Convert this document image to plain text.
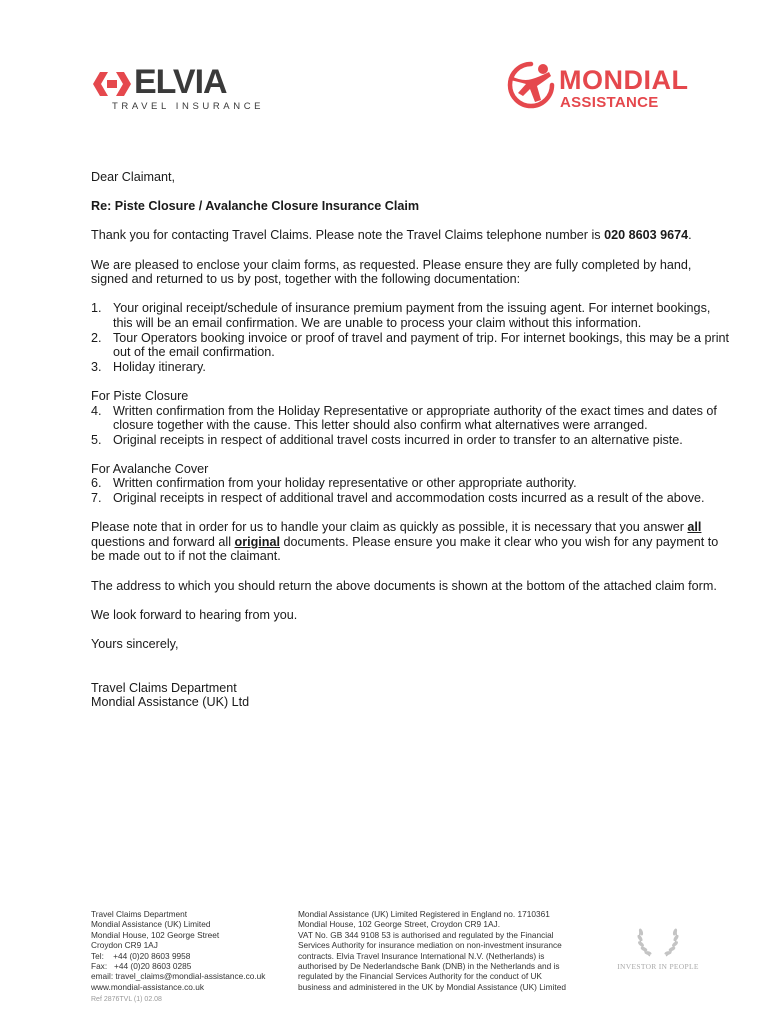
ELVIA
TRAVEL INSURANCE
MONDIAL
ASSISTANCE

Dear Claimant,

Re: Piste Closure / Avalanche Closure Insurance Claim

Thank you for contacting Travel Claims. Please note the Travel Claims telephone number is 020 8603 9674.

We are pleased to enclose your claim forms, as requested. Please ensure they are fully completed by hand, signed and returned to us by post, together with the following documentation:

1. Your original receipt/schedule of insurance premium payment from the issuing agent. For internet bookings, this will be an email confirmation. We are unable to process your claim without this information.
2. Tour Operators booking invoice or proof of travel and payment of trip. For internet bookings, this may be a print out of the email confirmation.
3. Holiday itinerary.

For Piste Closure

4. Written confirmation from the Holiday Representative or appropriate authority of the exact times and dates of closure together with the cause. This letter should also confirm what alternatives were arranged.
5. Original receipts in respect of additional travel costs incurred in order to transfer to an alternative piste.

For Avalanche Cover

6. Written confirmation from your holiday representative or other appropriate authority.
7. Original receipts in respect of additional travel and accommodation costs incurred as a result of the above.

Please note that in order for us to handle your claim as quickly as possible, it is necessary that you answer all questions and forward all original documents. Please ensure you make it clear who you wish for any payment to be made out to if not the claimant.

The address to which you should return the above documents is shown at the bottom of the attached claim form.

We look forward to hearing from you.

Yours sincerely,

Travel Claims Department

Mondial Assistance (UK) Ltd

Travel Claims Department
Mondial Assistance (UK) Limited
Mondial House, 102 George Street
Croydon CR9 1AJ
Tel:    +44 (0)20 8603 9958
Fax:   +44 (0)20 8603 0285
email: travel_claims@mondial-assistance.co.uk
www.mondial-assistance.co.uk
Mondial Assistance (UK) Limited Registered in England no. 1710361
Mondial House, 102 George Street, Croydon CR9 1AJ.
VAT No. GB 344 9108 53 is authorised and regulated by the Financial
Services Authority for insurance mediation on non-investment insurance
contracts. Elvia Travel Insurance International N.V. (Netherlands) is
authorised by De Nederlandsche Bank (DNB) in the Netherlands and is
regulated by the Financial Services Authority for the conduct of UK
business and administered in the UK by Mondial Assistance (UK) Limited
INVESTOR IN PEOPLE
Ref 2876TVL (1) 02.08
